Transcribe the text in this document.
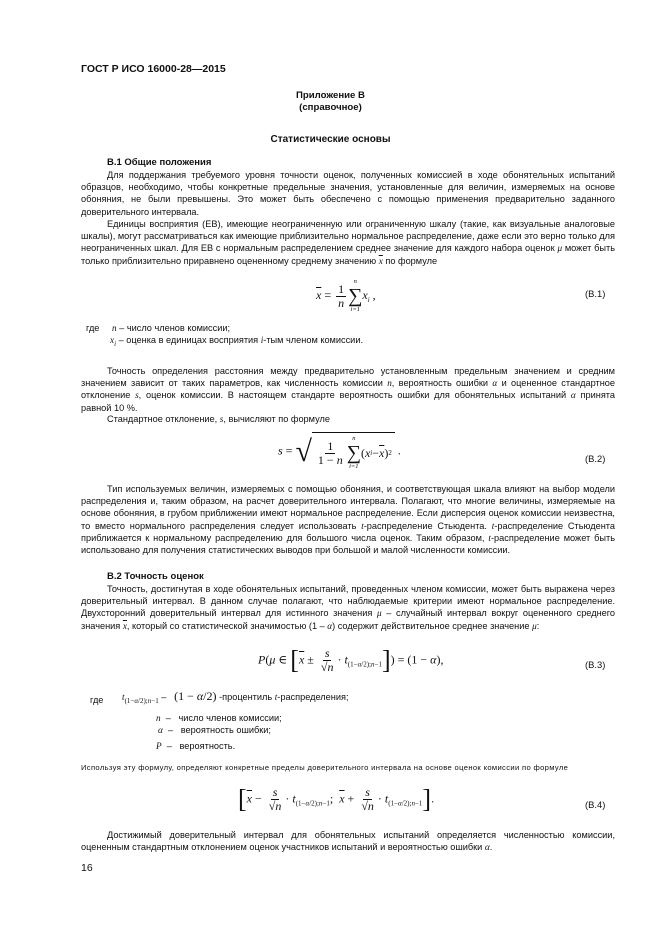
ГОСТ Р ИСО 16000-28—2015
Приложение В
(справочное)
Статистические основы
В.1 Общие положения
Для поддержания требуемого уровня точности оценок, полученных комиссией в ходе обонятельных испытаний образцов, необходимо, чтобы конкретные предельные значения, установленные для величин, измеряемых на основе обоняния, не были превышены. Это может быть обеспечено с помощью применения предварительно заданного доверительного интервала.
Единицы восприятия (ЕВ), имеющие неограниченную или ограниченную шкалу (такие, как визуальные аналоговые шкалы), могут рассматриваться как имеющие приблизительно нормальное распределение, даже если это верно только для неограниченных шкал. Для ЕВ с нормальным распределением среднее значение для каждого набора оценок μ может быть только приблизительно приравнено оцененному среднему значению $\overline{x}$ по формуле
$\overline{x} = \frac{1}{n}$
n
∑
i=1
$x_i$ ,	(В.1)
где n – число членов комиссии;
$x_i$ – оценка в единицах восприятия i-тым членом комиссии.
Точность определения расстояния между предварительно установленным предельным значением и средним значением зависит от таких параметров, как численность комиссии n, вероятность ошибки α и оцененное стандартное отклонение s, оценок комиссии. В настоящем стандарте вероятность ошибки для обонятельных испытаний α принята равной 10 %.
Стандартное отклонение, s, вычисляют по формуле
s = √ $\frac{1}{1 - n}$
n
∑
i=1
( x $i - \overline{x}$ ) 2 .
(В.2)
Тип используемых величин, измеряемых с помощью обоняния, и соответствующая шкала влияют на выбор модели распределения и, таким образом, на расчет доверительного интервала. Полагают, что многие величины, измеряемые на основе обоняния, в грубом приближении имеют нормальное распределение. Если дисперсия оценок комиссии неизвестна, то вместо нормального распределения следует использовать t-распределение Стьюдента. t-распределение Стьюдента приближается к нормальному распределению для большого числа оценок. Таким образом, t-распределение может быть использовано для получения статистических выводов при большой и малой численности комиссии.
В.2 Точность оценок
Точность, достигнутая в ходе обонятельных испытаний, проведенных членом комиссии, может быть выражена через доверительный интервал. В данном случае полагают, что наблюдаемые критерии имеют нормальное распределение. Двухсторонний доверительный интервал для истинного значения μ – случайный интервал вокруг оцененного среднего значения $\overline{x}$, который со статистической значимостью (1 – α) содержит действительное среднее значение μ:
P(μ ∈ $[\overline{x} \pm \frac{s}{√n} \cdot t_{(1-\alpha/2);n-1}]) = (1 - \alpha)$,	(В.3)
где $t_{(1-\alpha/2);n-1} - (1 - \alpha/2)$ -процентиль t-распределения;
n – число членов комиссии;
α – вероятность ошибки;
P – вероятность.
Используя эту формулу, определяют конкретные пределы доверительного интервала на основе оценок комиссии по формуле
[$\overline{x} - \frac{s}{√n} \cdot t_{(1-\alpha/2);n-1}$;  $\overline{x} + \frac{s}{√n} \cdot t_{(1-\alpha/2);n-1}$].	(В.4)
Достижимый доверительный интервал для обонятельных испытаний определяется численностью комиссии, оцененным стандартным отклонением оценок участников испытаний и вероятностью ошибки α.
16
